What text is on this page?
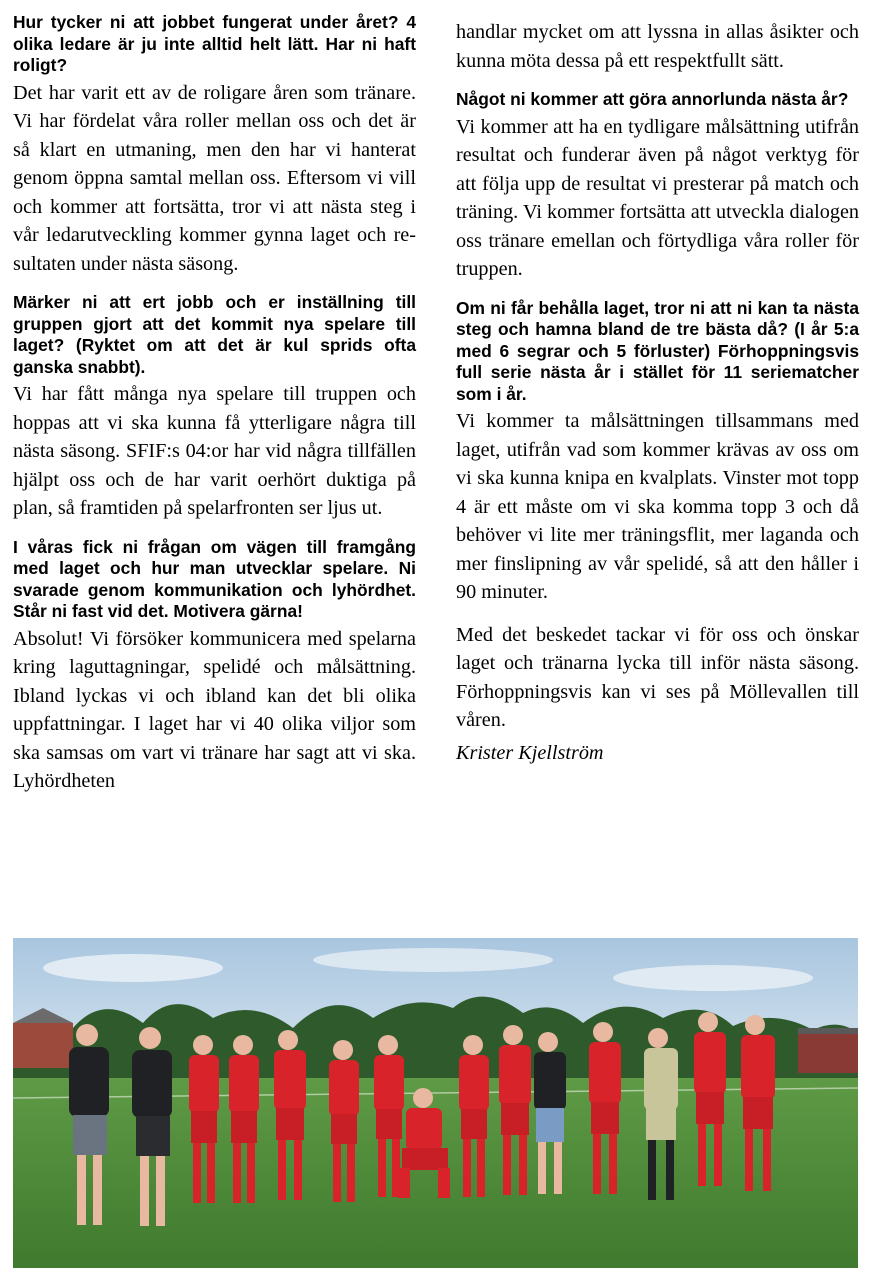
Hur tycker ni att jobbet fungerat under året? 4 olika ledare är ju inte alltid helt lätt. Har ni haft roligt?

Det har varit ett av de roligare åren som tränare. Vi har fördelat våra roller mellan oss och det är så klart en utmaning, men den har vi hanterat genom öppna samtal mellan oss. Eftersom vi vill och kommer att fortsätta, tror vi att nästa steg i vår ledarutveckling kommer gynna laget och resultaten under nästa säsong.

Märker ni att ert jobb och er inställning till gruppen gjort att det kommit nya spelare till laget? (Ryktet om att det är kul sprids ofta ganska snabbt).

Vi har fått många nya spelare till truppen och hoppas att vi ska kunna få ytterligare några till nästa säsong. SFIF:s 04:or har vid några tillfällen hjälpt oss och de har varit oerhört duktiga på plan, så framtiden på spelarfronten ser ljus ut.

I våras fick ni frågan om vägen till framgång med laget och hur man utvecklar spelare. Ni svarade genom kommunikation och lyhördhet. Står ni fast vid det. Motivera gärna!

Absolut! Vi försöker kommunicera med spelarna kring laguttagningar, spelidé och målsättning. Ibland lyckas vi och ibland kan det bli olika uppfattningar. I laget har vi 40 olika viljor som ska samsas om vart vi tränare har sagt att vi ska. Lyhördheten

handlar mycket om att lyssna in allas åsikter och kunna möta dessa på ett respektfullt sätt.

Något ni kommer att göra annorlunda nästa år?

Vi kommer att ha en tydligare målsättning utifrån resultat och funderar även på något verktyg för att följa upp de resultat vi presterar på match och träning. Vi kommer fortsätta att utveckla dialogen oss tränare emellan och förtydliga våra roller för truppen.

Om ni får behålla laget, tror ni att ni kan ta nästa steg och hamna bland de tre bästa då? (I år 5:a med 6 segrar och 5 förluster) Förhoppningsvis full serie nästa år i stället för 11 seriematcher som i år.

Vi kommer ta målsättningen tillsammans med laget, utifrån vad som kommer krävas av oss om vi ska kunna knipa en kvalplats. Vinster mot topp 4 är ett måste om vi ska komma topp 3 och då behöver vi lite mer träningsflit, mer laganda och mer finslipning av vår spelidé, så att den håller i 90 minuter.

Med det beskedet tackar vi för oss och önskar laget och tränarna lycka till inför nästa säsong. Förhoppningsvis kan vi ses på Möllevallen till våren.

Krister Kjellström
